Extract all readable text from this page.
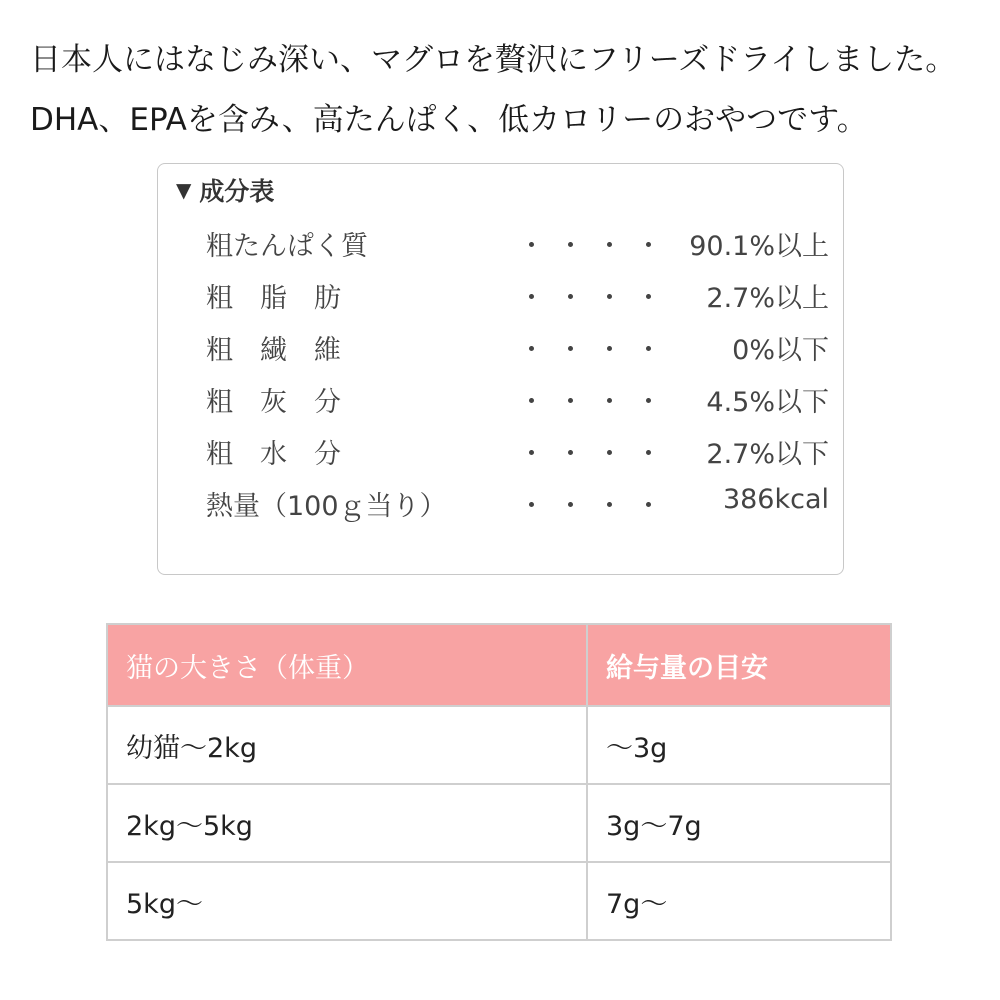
日本人にはなじみ深い、マグロを贅沢にフリーズドライしました。

DHA、EPAを含み、高たんぱく、低カロリーのおやつです。

▼ 成分表
粗たんぱく質	・・・・ 90.1%以上
粗　脂　肪	・・・・ 2.7%以上
粗　繊　維	・・・・ 0%以下
粗　灰　分	・・・・ 4.5%以下
粗　水　分	・・・・ 2.7%以下
熱量（100ｇ当り）	・・・・ 386kcal
猫の大きさ（体重）	給与量の目安
幼猫～2kg	～3g
2kg～5kg	3g～7g
5kg～	7g～
